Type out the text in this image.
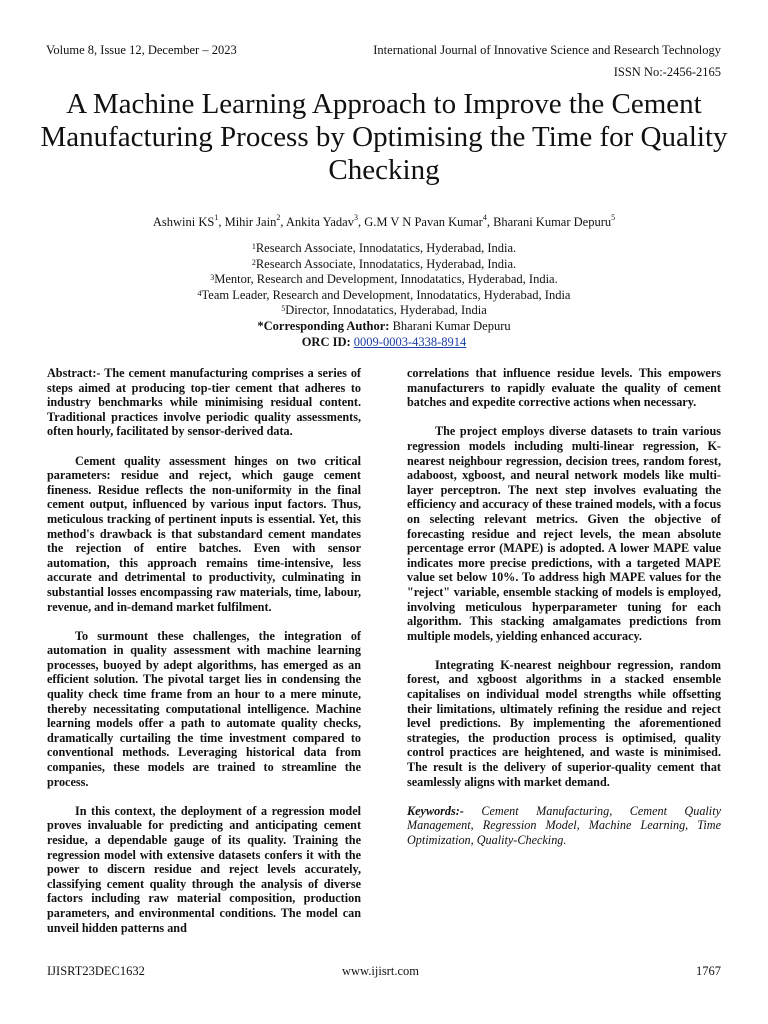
Volume 8, Issue 12, December – 2023	International Journal of Innovative Science and Research Technology
ISSN No:-2456-2165
A Machine Learning Approach to Improve the Cement Manufacturing Process by Optimising the Time for Quality Checking
Ashwini $KS^1$, Mihir Jain$^2$, Ankita Yadav$^3$, G.M V N Pavan Kumar$^4$, Bharani Kumar Depuru$^5$
$^1$Research Associate, Innodatatics, Hyderabad, India.
$^2$Research Associate, Innodatatics, Hyderabad, India.
$^3$Mentor, Research and Development, Innodatatics, Hyderabad, India.
$^4$Team Leader, Research and Development, Innodatatics, Hyderabad, India
$^5$Director, Innodatatics, Hyderabad, India
*Corresponding Author: Bharani Kumar Depuru
ORC ID: 0009-0003-4338-8914

Abstract:- The cement manufacturing comprises a series of steps aimed at producing top-tier cement that adheres to industry benchmarks while minimising residual content. Traditional practices involve periodic quality assessments, often hourly, facilitated by sensor-derived data.

Cement quality assessment hinges on two critical parameters: residue and reject, which gauge cement fineness. Residue reflects the non-uniformity in the final cement output, influenced by various input factors. Thus, meticulous tracking of pertinent inputs is essential. Yet, this method's drawback is that substandard cement mandates the rejection of entire batches. Even with sensor automation, this approach remains time-intensive, less accurate and detrimental to productivity, culminating in substantial losses encompassing raw materials, time, labour, revenue, and in-demand market fulfilment.

To surmount these challenges, the integration of automation in quality assessment with machine learning processes, buoyed by adept algorithms, has emerged as an efficient solution. The pivotal target lies in condensing the quality check time frame from an hour to a mere minute, thereby necessitating computational intelligence. Machine learning models offer a path to automate quality checks, dramatically curtailing the time investment compared to conventional methods. Leveraging historical data from companies, these models are trained to streamline the process.

In this context, the deployment of a regression model proves invaluable for predicting and anticipating cement residue, a dependable gauge of its quality. Training the regression model with extensive datasets confers it with the power to discern residue and reject levels accurately, classifying cement quality through the analysis of diverse factors including raw material composition, production parameters, and environmental conditions. The model can unveil hidden patterns and

correlations that influence residue levels. This empowers manufacturers to rapidly evaluate the quality of cement batches and expedite corrective actions when necessary.

The project employs diverse datasets to train various regression models including multi-linear regression, K-nearest neighbour regression, decision trees, random forest, adaboost, xgboost, and neural network models like multi-layer perceptron. The next step involves evaluating the efficiency and accuracy of these trained models, with a focus on selecting relevant metrics. Given the objective of forecasting residue and reject levels, the mean absolute percentage error (MAPE) is adopted. A lower MAPE value indicates more precise predictions, with a targeted MAPE value set below 10%. To address high MAPE values for the "reject" variable, ensemble stacking of models is employed, involving meticulous hyperparameter tuning for each algorithm. This stacking amalgamates predictions from multiple models, yielding enhanced accuracy.

Integrating K-nearest neighbour regression, random forest, and xgboost algorithms in a stacked ensemble capitalises on individual model strengths while offsetting their limitations, ultimately refining the residue and reject level predictions. By implementing the aforementioned strategies, the production process is optimised, quality control practices are heightened, and waste is minimised. The result is the delivery of superior-quality cement that seamlessly aligns with market demand.

Keywords:- Cement Manufacturing, Cement Quality Management, Regression Model, Machine Learning, Time Optimization, Quality-Checking.

IJISRT23DEC1632	www.ijisrt.com	1767
